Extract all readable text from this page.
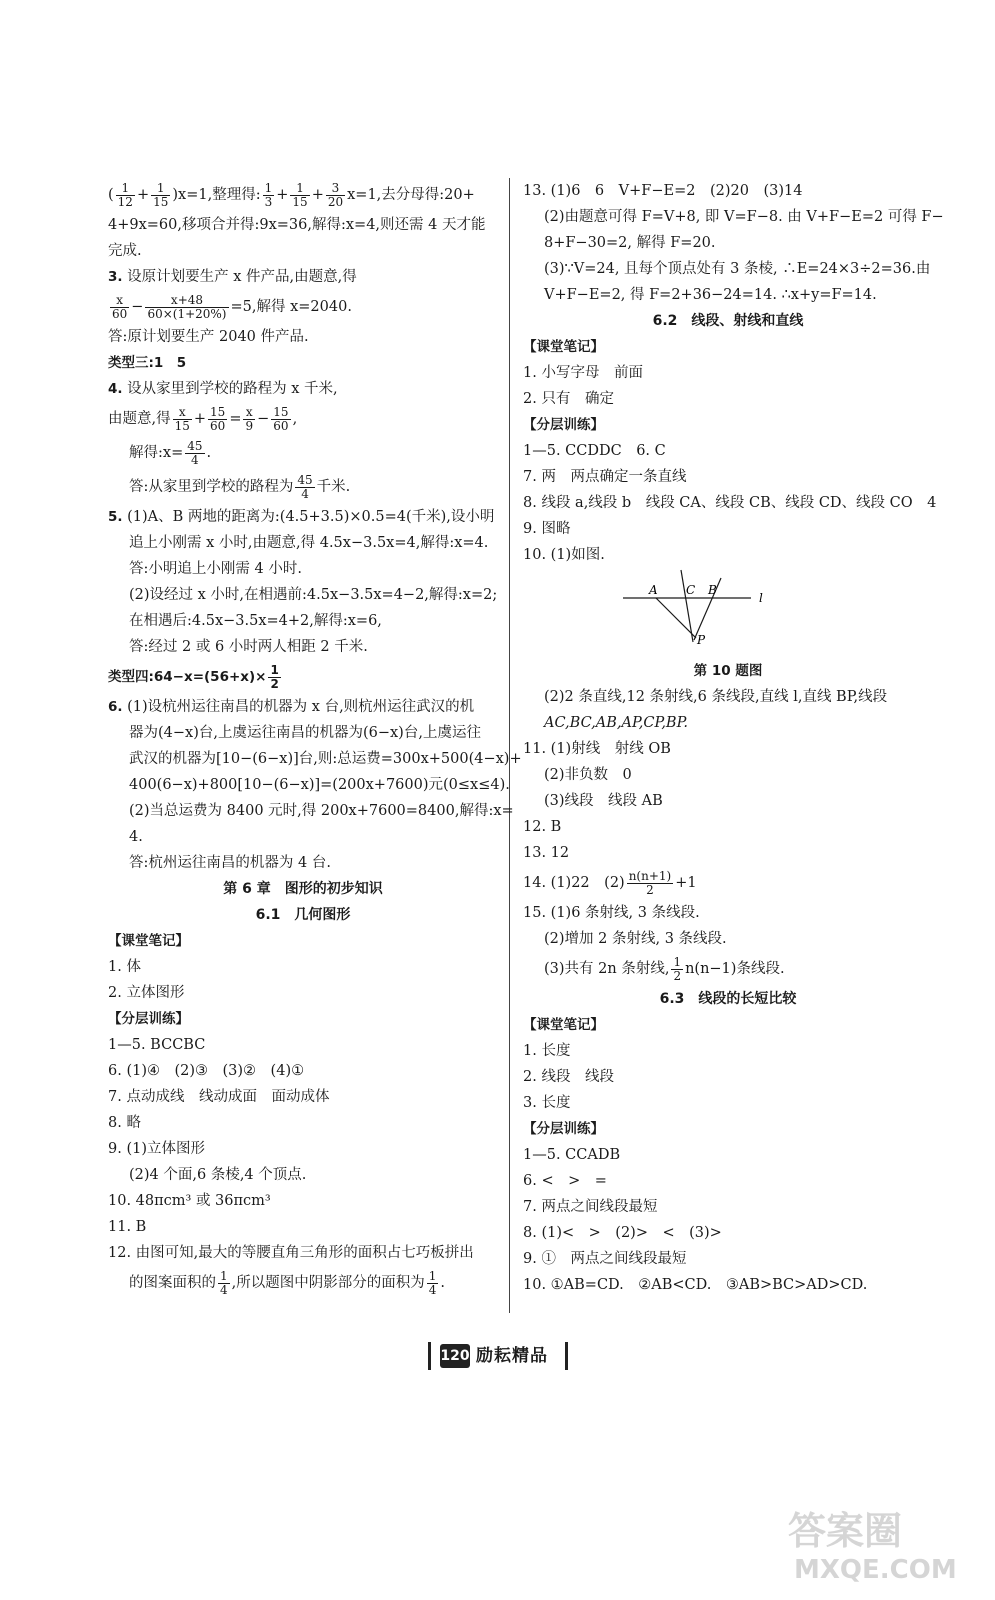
( $\frac{1}{12} + \frac{1}{15} )x=1$,整理得: $\frac{1}{3} + \frac{1}{15} + \frac{3}{20} x=1$,去分母得:20+
4+9x=60,移项合并得:9x=36,解得:x=4,则还需 4 天才能
完成.
3. 设原计划要生产 x 件产品,由题意,得
$\frac{x}{60} - \frac{x+48}{60\times(1+20\%)} =5$,解得 x=2040.
答:原计划要生产 2040 件产品.
类型三:1　5
4. 设从家里到学校的路程为 x 千米,
由题意,得 $\frac{x}{15} + \frac{15}{60} = \frac{x}{9} - \frac{15}{60}$ ,
解得:x= $\frac{45}{4}$ .
答:从家里到学校的路程为 $\frac{45}{4}$ 千米.
5. (1)A、B 两地的距离为:(4.5+3.5)×0.5=4(千米),设小明
追上小刚需 x 小时,由题意,得 4.5x−3.5x=4,解得:x=4.
答:小明追上小刚需 4 小时.
(2)设经过 x 小时,在相遇前:4.5x−3.5x=4−2,解得:x=2;
在相遇后:4.5x−3.5x=4+2,解得:x=6,
答:经过 2 或 6 小时两人相距 2 千米.
类型四:64−x=(56+x)× $\frac{1}{2}$
6. (1)设杭州运往南昌的机器为 x 台,则杭州运往武汉的机
器为(4−x)台,上虞运往南昌的机器为(6−x)台,上虞运往
武汉的机器为[10−(6−x)]台,则:总运费=300x+500(4−x)+
400(6−x)+800[10−(6−x)]=(200x+7600)元(0≤x≤4).
(2)当总运费为 8400 元时,得 200x+7600=8400,解得:x=
4.
答:杭州运往南昌的机器为 4 台.
第 6 章　图形的初步知识
6.1　几何图形
【课堂笔记】
1. 体
2. 立体图形
【分层训练】
1—5. BCCBC
6. (1)④　(2)③　(3)②　(4)①
7. 点动成线　线动成面　面动成体
8. 略
9. (1)立体图形
(2)4 个面,6 条棱,4 个顶点.
10. 48πcm³ 或 36πcm³
11. B
12. 由图可知,最大的等腰直角三角形的面积占七巧板拼出
的图案面积的 $\frac{1}{4}$ ,所以题图中阴影部分的面积为 $\frac{1}{4}$ .
13. (1)6　6　V+F−E=2　(2)20　(3)14
(2)由题意可得 F=V+8, 即 V=F−8. 由 V+F−E=2 可得 F−
8+F−30=2, 解得 F=20.
(3)∵V=24, 且每个顶点处有 3 条棱, ∴E=24×3÷2=36.由
V+F−E=2, 得 F=2+36−24=14. ∴x+y=F=14.
6.2　线段、射线和直线
【课堂笔记】
1. 小写字母　前面
2. 只有　确定
【分层训练】
1—5. CCDDC　6. C
7. 两　两点确定一条直线
8. 线段 a,线段 b　线段 CA、线段 CB、线段 CD、线段 CO　4
9. 图略
10. (1)如图.
A C B
l
P
第 10 题图
(2)2 条直线,12 条射线,6 条线段,直线 l,直线 BP,线段
AC,BC,AB,AP,CP,BP.
11. (1)射线　射线 OB
(2)非负数　0
(3)线段　线段 AB
12. B
13. 12
14. (1)22　$(2) \frac{n(n+1)}{2} +1$
15. (1)6 条射线, 3 条线段.
(2)增加 2 条射线, 3 条线段.
(3)共有 2n 条射线, $\frac{1}{2} n(n-1)$条线段.
6.3　线段的长短比较
【课堂笔记】
1. 长度
2. 线段　线段
3. 长度
【分层训练】
1—5. CCADB
6. <　>　=
7. 两点之间线段最短
8. (1)<　>　(2)>　<　(3)>
9. ①　两点之间线段最短
10. ①AB=CD.　②AB<CD.　③AB>BC>AD>CD.
120 励耘精品
答案圈
MXQE.COM
